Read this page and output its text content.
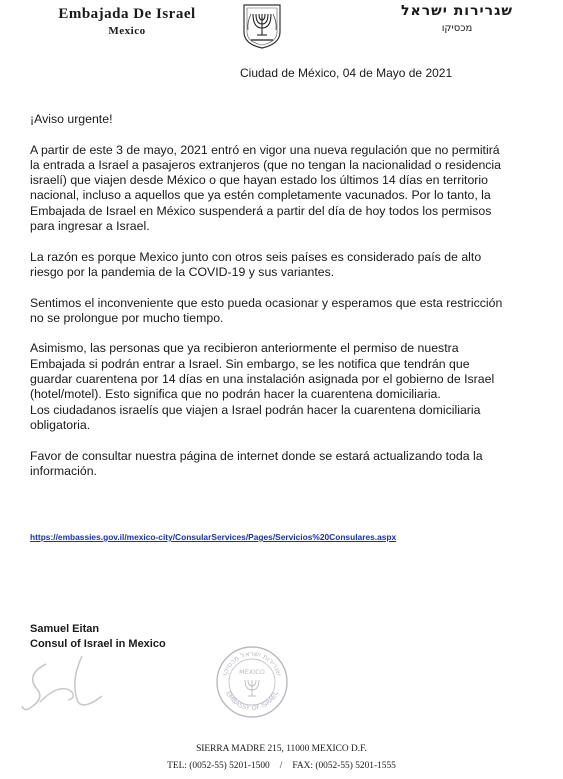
Embajada De Israel
Mexico
שגרירות ישראל
מכסיקו
Ciudad de México, 04 de Mayo de 2021

¡Aviso urgente!

A partir de este 3 de mayo, 2021 entró en vigor una nueva regulación que no permitirá la entrada a Israel a pasajeros extranjeros (que no tengan la nacionalidad o residencia israelí) que viajen desde México o que hayan estado los últimos 14 días en territorio nacional, incluso a aquellos que ya estén completamente vacunados. Por lo tanto, la Embajada de Israel en México suspenderá a partir del día de hoy todos los permisos para ingresar a Israel.

La razón es porque Mexico junto con otros seis países es considerado país de alto riesgo por la pandemia de la COVID-19 y sus variantes.

Sentimos el inconveniente que esto pueda ocasionar y esperamos que esta restricción no se prolongue por mucho tiempo.

Asimismo, las personas que ya recibieron anteriormente el permiso de nuestra Embajada si podrán entrar a Israel. Sin embargo, se les notifica que tendrán que guardar cuarentena por 14 días en una instalación asignada por el gobierno de Israel (hotel/motel). Esto significa que no podrán hacer la cuarentena domiciliaria.

Los ciudadanos israelís que viajen a Israel podrán hacer la cuarentena domiciliaria obligatoria.

Favor de consultar nuestra página de internet donde se estará actualizando toda la información.

https://embassies.gov.il/mexico-city/ConsularServices/Pages/Servicios%20Consulares.aspx
Samuel Eitan
Consul of Israel in Mexico
שגרירות ישראל מכסיקו
EMBASSY OF ISRAEL
MEXICO
SIERRA MADRE 215, 11000 MEXICO D.F.
TEL: (0052-55) 5201-1500 / FAX: (0052-55) 5201-1555
